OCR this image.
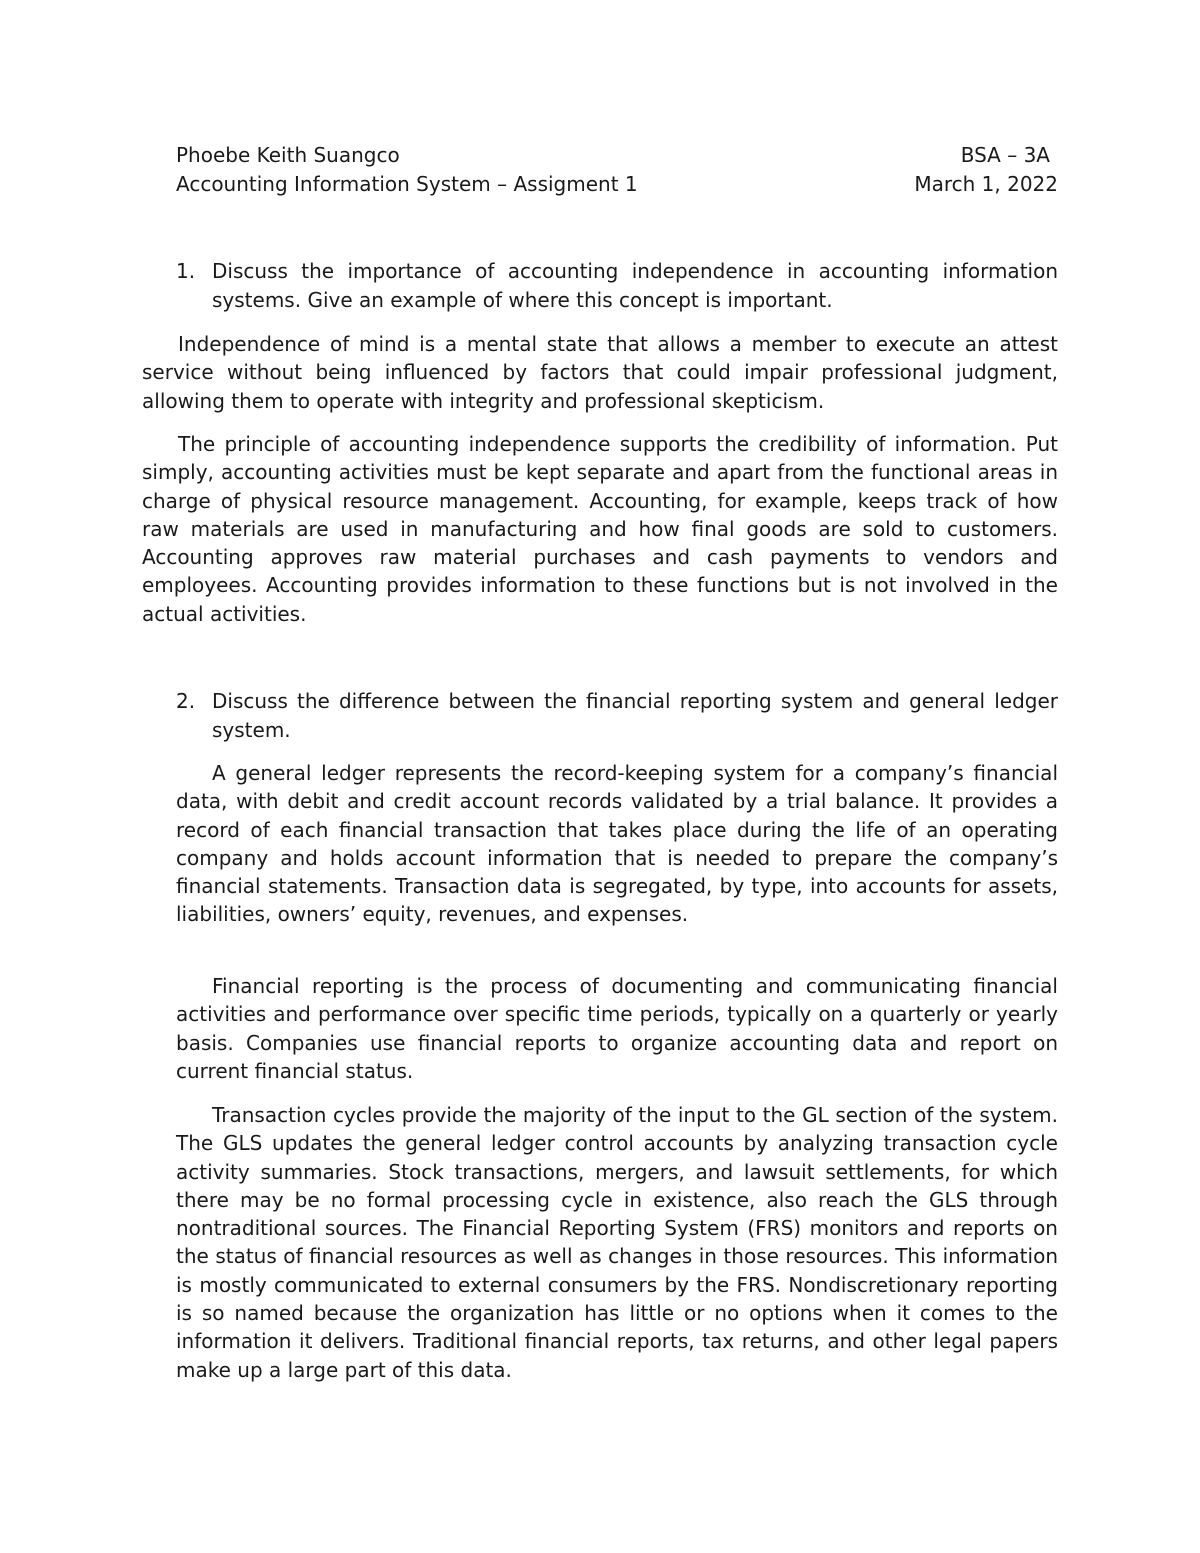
Phoebe Keith Suangco	BSA – 3A
Accounting Information System – Assigment 1	March 1, 2022
1. Discuss the importance of accounting independence in accounting information systems. Give an example of where this concept is important.
Independence of mind is a mental state that allows a member to execute an attest service without being influenced by factors that could impair professional judgment, allowing them to operate with integrity and professional skepticism.
The principle of accounting independence supports the credibility of information. Put simply, accounting activities must be kept separate and apart from the functional areas in charge of physical resource management. Accounting, for example, keeps track of how raw materials are used in manufacturing and how final goods are sold to customers. Accounting approves raw material purchases and cash payments to vendors and employees. Accounting provides information to these functions but is not involved in the actual activities.
2. Discuss the difference between the financial reporting system and general ledger system.
A general ledger represents the record-keeping system for a company’s financial data, with debit and credit account records validated by a trial balance. It provides a record of each financial transaction that takes place during the life of an operating company and holds account information that is needed to prepare the company’s financial statements. Transaction data is segregated, by type, into accounts for assets, liabilities, owners’ equity, revenues, and expenses.
Financial reporting is the process of documenting and communicating financial activities and performance over specific time periods, typically on a quarterly or yearly basis. Companies use financial reports to organize accounting data and report on current financial status.
Transaction cycles provide the majority of the input to the GL section of the system. The GLS updates the general ledger control accounts by analyzing transaction cycle activity summaries. Stock transactions, mergers, and lawsuit settlements, for which there may be no formal processing cycle in existence, also reach the GLS through nontraditional sources. The Financial Reporting System (FRS) monitors and reports on the status of financial resources as well as changes in those resources. This information is mostly communicated to external consumers by the FRS. Nondiscretionary reporting is so named because the organization has little or no options when it comes to the information it delivers. Traditional financial reports, tax returns, and other legal papers make up a large part of this data.
